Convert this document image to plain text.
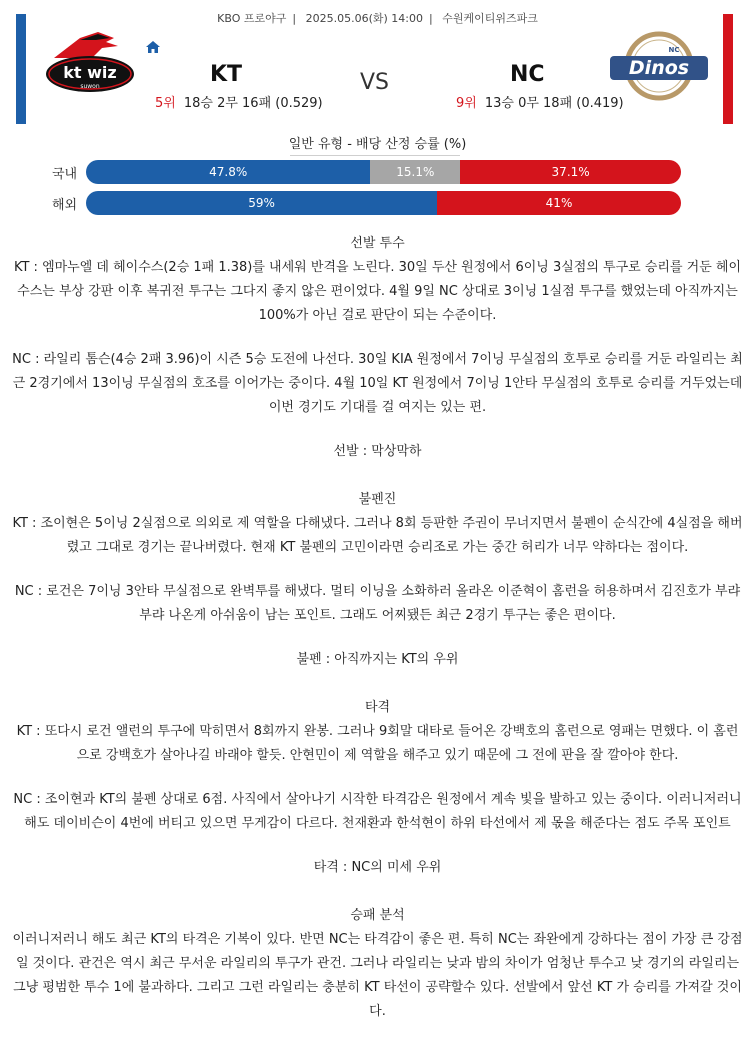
KBO 프로야구 | 2025.05.06(화) 14:00 | 수원케이티위즈파크
kt wiz
suwon	KT
5위 18승 2무 16패 (0.529)
VS	NC
9위 13승 0무 18패 (0.419)
Dinos
NC
일반 유형 - 배당 산정 승률 (%)
국내	47.8%	15.1%	37.1%
해외	59%	41%

선발 투수

KT : 엠마누엘 데 헤이수스(2승 1패 1.38)를 내세워 반격을 노린다. 30일 두산 원정에서 6이닝 3실점의 투구로 승리를 거둔 헤이수스는 부상 강판 이후 복귀전 투구는 그다지 좋지 않은 편이었다. 4월 9일 NC 상대로 3이닝 1실점 투구를 했었는데 아직까지는 100%가 아닌 걸로 판단이 되는 수준이다.

NC : 라일리 톰슨(4승 2패 3.96)이 시즌 5승 도전에 나선다. 30일 KIA 원정에서 7이닝 무실점의 호투로 승리를 거둔 라일리는 최근 2경기에서 13이닝 무실점의 호조를 이어가는 중이다. 4월 10일 KT 원정에서 7이닝 1안타 무실점의 호투로 승리를 거두었는데 이번 경기도 기대를 걸 여지는 있는 편.

선발 : 막상막하

불펜진

KT : 조이현은 5이닝 2실점으로 의외로 제 역할을 다해냈다. 그러나 8회 등판한 주권이 무너지면서 불펜이 순식간에 4실점을 해버렸고 그대로 경기는 끝나버렸다. 현재 KT 불펜의 고민이라면 승리조로 가는 중간 허리가 너무 약하다는 점이다.

NC : 로건은 7이닝 3안타 무실점으로 완벽투를 해냈다. 멀티 이닝을 소화하러 올라온 이준혁이 홈런을 허용하며서 김진호가 부랴부랴 나온게 아쉬움이 남는 포인트. 그래도 어찌됐든 최근 2경기 투구는 좋은 편이다.

불펜 : 아직까지는 KT의 우위

타격

KT : 또다시 로건 앨런의 투구에 막히면서 8회까지 완봉. 그러나 9회말 대타로 들어온 강백호의 홈런으로 영패는 면했다. 이 홈런으로 강백호가 살아나길 바래야 할듯. 안현민이 제 역할을 해주고 있기 때문에 그 전에 판을 잘 깔아야 한다.

NC : 조이현과 KT의 불펜 상대로 6점. 사직에서 살아나기 시작한 타격감은 원정에서 계속 빛을 발하고 있는 중이다. 이러니저러니 해도 데이비슨이 4번에 버티고 있으면 무게감이 다르다. 천재환과 한석현이 하위 타선에서 제 몫을 해준다는 점도 주목 포인트

타격 : NC의 미세 우위

승패 분석

이러니저러니 해도 최근 KT의 타격은 기복이 있다. 반면 NC는 타격감이 좋은 편. 특히 NC는 좌완에게 강하다는 점이 가장 큰 강점일 것이다. 관건은 역시 최근 무서운 라일리의 투구가 관건. 그러나 라일리는 낮과 밤의 차이가 엄청난 투수고 낮 경기의 라일리는 그냥 평범한 투수 1에 불과하다. 그리고 그런 라일리는 충분히 KT 타선이 공략할수 있다. 선발에서 앞선 KT 가 승리를 가져갈 것이다.
